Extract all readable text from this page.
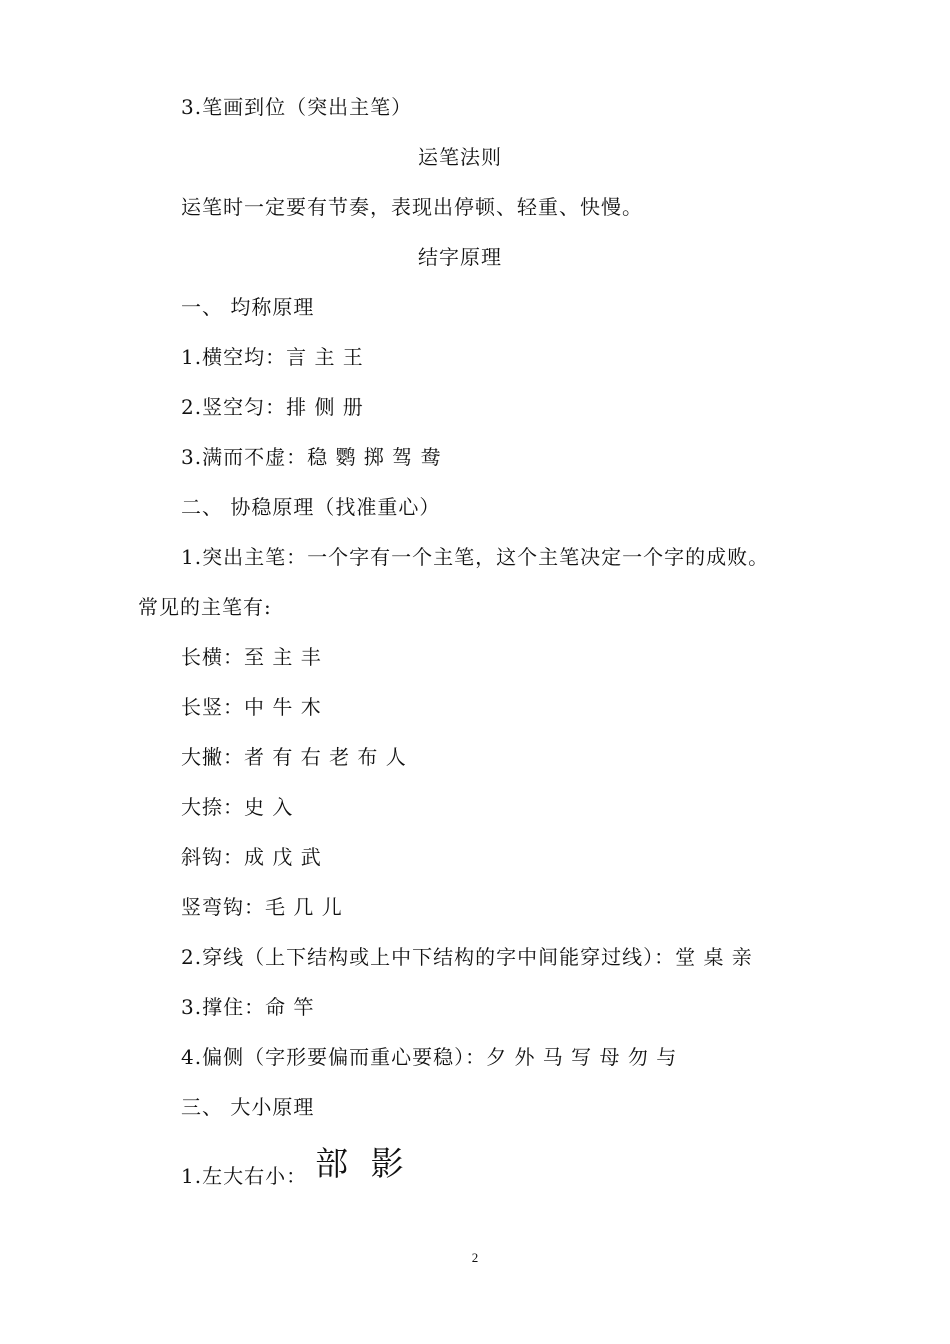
3.笔画到位（突出主笔）
运笔法则
运笔时一定要有节奏，表现出停顿、轻重、快慢。
结字原理
一、 均称原理
1.横空均：言 主 王
2.竖空匀：排 侧 册
3.满而不虚：稳 鹦 掷 驾 鸯
二、 协稳原理（找准重心）
1.突出主笔：一个字有一个主笔，这个主笔决定一个字的成败。
常见的主笔有:
长横：至 主 丰
长竖：中 牛 木
大撇：者 有 右 老 布 人
大捺：史 入
斜钩：成 戊 武
竖弯钩：毛 几 儿
2.穿线（上下结构或上中下结构的字中间能穿过线）：堂 桌 亲
3.撑住：命 竿
4.偏侧（字形要偏而重心要稳）：夕 外 马 写 母 勿 与
三、 大小原理
1.左大右小： 部 影
2
